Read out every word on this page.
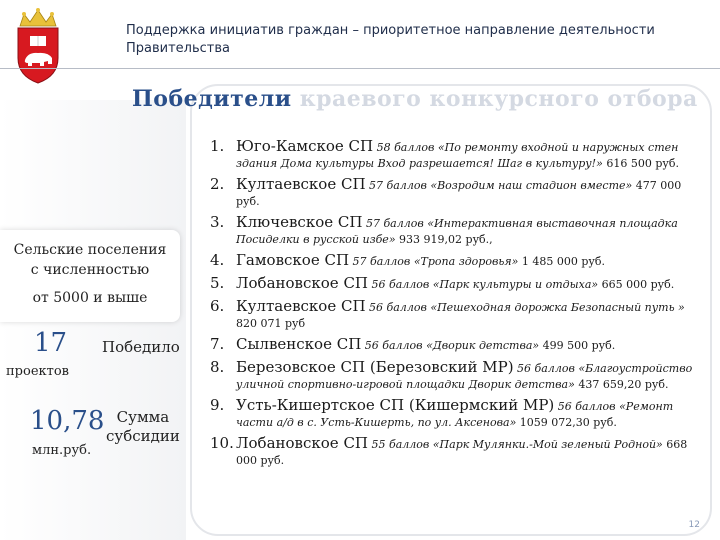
Поддержка инициатив граждан – приоритетное направление деятельности
Правительства
Победители краевого конкурсного отбора
Сельские поселения
с численностью
от 5000 и выше
17 Победило
проектов
10,78
млн.руб.
Сумма
субсидии
1. Юго-Камское СП 58 баллов «По ремонту входной и наружных стен здания Дома культуры Вход разрешается! Шаг в культуру!» 616 500 руб.
2. Култаевское СП 57 баллов «Возродим наш стадион вместе» 477 000 руб.
3. Ключевское СП 57 баллов «Интерактивная выставочная площадка Посиделки в русской избе» 933 919,02 руб.,
4. Гамовское СП 57 баллов «Тропа здоровья» 1 485 000 руб.
5. Лобановское СП 56 баллов «Парк культуры и отдыха» 665 000 руб.
6. Култаевское СП 56 баллов «Пешеходная дорожка Безопасный путь » 820 071 руб
7. Сылвенское СП 56 баллов «Дворик детства» 499 500 руб.
8. Березовское СП (Березовский МР) 56 баллов «Благоустройство уличной спортивно-игровой площадки Дворик детства» 437 659,20 руб.
9. Усть-Кишертское СП (Кишермский МР) 56 баллов «Ремонт части а/д в с. Усть-Кишерть, по ул. Аксенова» 1059 072,30 руб.
10. Лобановское СП 55 баллов «Парк Мулянки.-Мой зеленый Родной» 668 000 руб.
12
